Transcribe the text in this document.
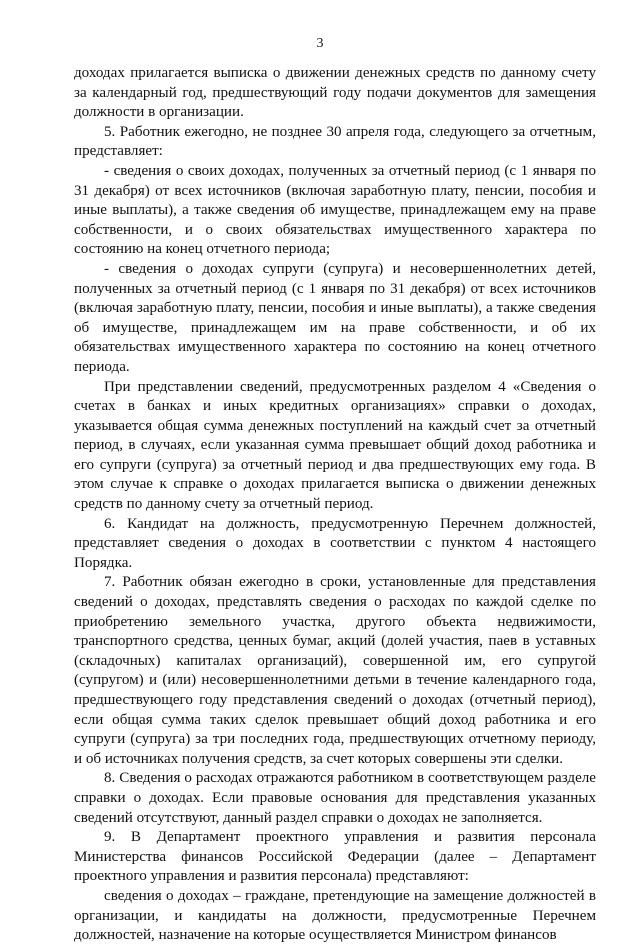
3

доходах прилагается выписка о движении денежных средств по данному счету за календарный год, предшествующий году подачи документов для замещения должности в организации.

5. Работник ежегодно, не позднее 30 апреля года, следующего за отчетным, представляет:

- сведения о своих доходах, полученных за отчетный период (с 1 января по 31 декабря) от всех источников (включая заработную плату, пенсии, пособия и иные выплаты), а также сведения об имуществе, принадлежащем ему на праве собственности, и о своих обязательствах имущественного характера по состоянию на конец отчетного периода;

- сведения о доходах супруги (супруга) и несовершеннолетних детей, полученных за отчетный период (с 1 января по 31 декабря) от всех источников (включая заработную плату, пенсии, пособия и иные выплаты), а также сведения об имуществе, принадлежащем им на праве собственности, и об их обязательствах имущественного характера по состоянию на конец отчетного периода.

При представлении сведений, предусмотренных разделом 4 «Сведения о счетах в банках и иных кредитных организациях» справки о доходах, указывается общая сумма денежных поступлений на каждый счет за отчетный период, в случаях, если указанная сумма превышает общий доход работника и его супруги (супруга) за отчетный период и два предшествующих ему года. В этом случае к справке о доходах прилагается выписка о движении денежных средств по данному счету за отчетный период.

6. Кандидат на должность, предусмотренную Перечнем должностей, представляет сведения о доходах в соответствии с пунктом 4 настоящего Порядка.

7. Работник обязан ежегодно в сроки, установленные для представления сведений о доходах, представлять сведения о расходах по каждой сделке по приобретению земельного участка, другого объекта недвижимости, транспортного средства, ценных бумаг, акций (долей участия, паев в уставных (складочных) капиталах организаций), совершенной им, его супругой (супругом) и (или) несовершеннолетними детьми в течение календарного года, предшествующего году представления сведений о доходах (отчетный период), если общая сумма таких сделок превышает общий доход работника и его супруги (супруга) за три последних года, предшествующих отчетному периоду, и об источниках получения средств, за счет которых совершены эти сделки.

8. Сведения о расходах отражаются работником в соответствующем разделе справки о доходах. Если правовые основания для представления указанных сведений отсутствуют, данный раздел справки о доходах не заполняется.

9. В Департамент проектного управления и развития персонала Министерства финансов Российской Федерации (далее – Департамент проектного управления и развития персонала) представляют:

сведения о доходах – граждане, претендующие на замещение должностей в организации, и кандидаты на должности, предусмотренные Перечнем должностей, назначение на которые осуществляется Министром финансов
